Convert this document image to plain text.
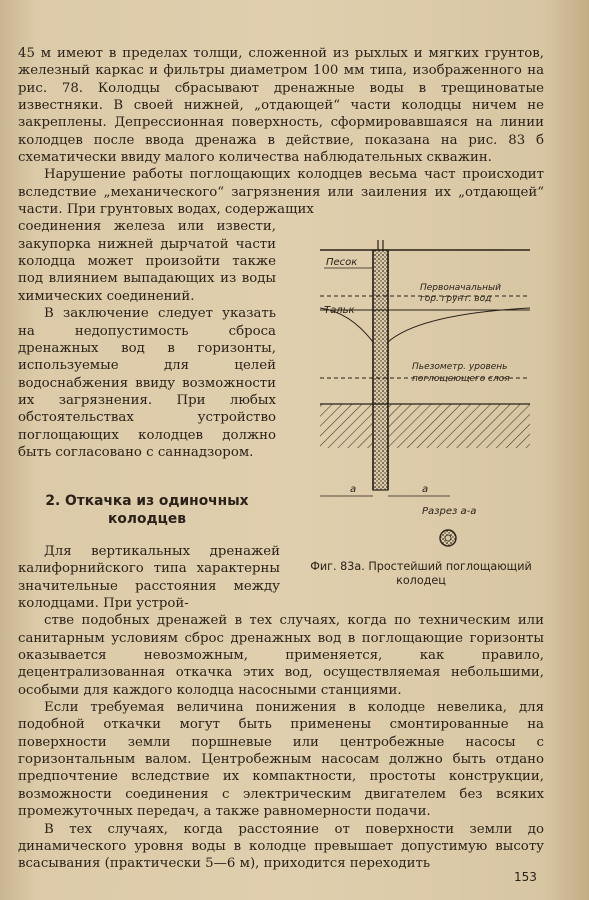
45 м имеют в пределах толщи, сложенной из рыхлых и мягких грунтов, железный каркас и фильтры диаметром 100 мм типа, изображенного на рис. 78. Колодцы сбрасывают дренажные воды в трещиноватые известняки. В своей нижней, „отдающей“ части колодцы ничем не закреплены. Депрессионная поверхность, сформировавшаяся на линии колодцев после ввода дренажа в действие, показана на рис. 83 б схематически ввиду малого количества наблюдательных скважин.

Нарушение работы поглощающих колодцев весьма част происходит вследствие „механического“ загрязнения или заиления их „отдающей“ части. При грунтовых водах, содержащих

соединения железа или извести, закупорка нижней дырчатой части колодца может произойти также под влиянием выпадающих из воды химических соединений.

В заключение следует указать на недопустимость сброса дренажных вод в горизонты, используемые для целей водоснабжения ввиду возможности их загрязнения. При любых обстоятельствах устройство поглощающих колодцев должно быть согласовано с саннадзором.

2. Откачка из одиночных колодцев
Песок
Тальк
Первоначальный
гор. грунт. вод
Пьезометр. уровень
поглощающего слоя
а	а
Разрез а-а
Фиг. 83а. Простейший поглощающий колодец

Для вертикальных дренажей калифорнийского типа характерны значительные расстояния между колодцами. При устрой-

стве подобных дренажей в тех случаях, когда по техническим или санитарным условиям сброс дренажных вод в поглощающие горизонты оказывается невозможным, применяется, как правило, децентрализованная откачка этих вод, осуществляемая небольшими, особыми для каждого колодца насосными станциями.

Если требуемая величина понижения в колодце невелика, для подобной откачки могут быть применены смонтированные на поверхности земли поршневые или центробежные насосы с горизонтальным валом. Центробежным насосам должно быть отдано предпочтение вследствие их компактности, простоты конструкции, возможности соединения с электрическим двигателем без всяких промежуточных передач, а также равномерности подачи.

В тех случаях, когда расстояние от поверхности земли до динамического уровня воды в колодце превышает допустимую высоту всасывания (практически 5—6 м), приходится переходить

153
